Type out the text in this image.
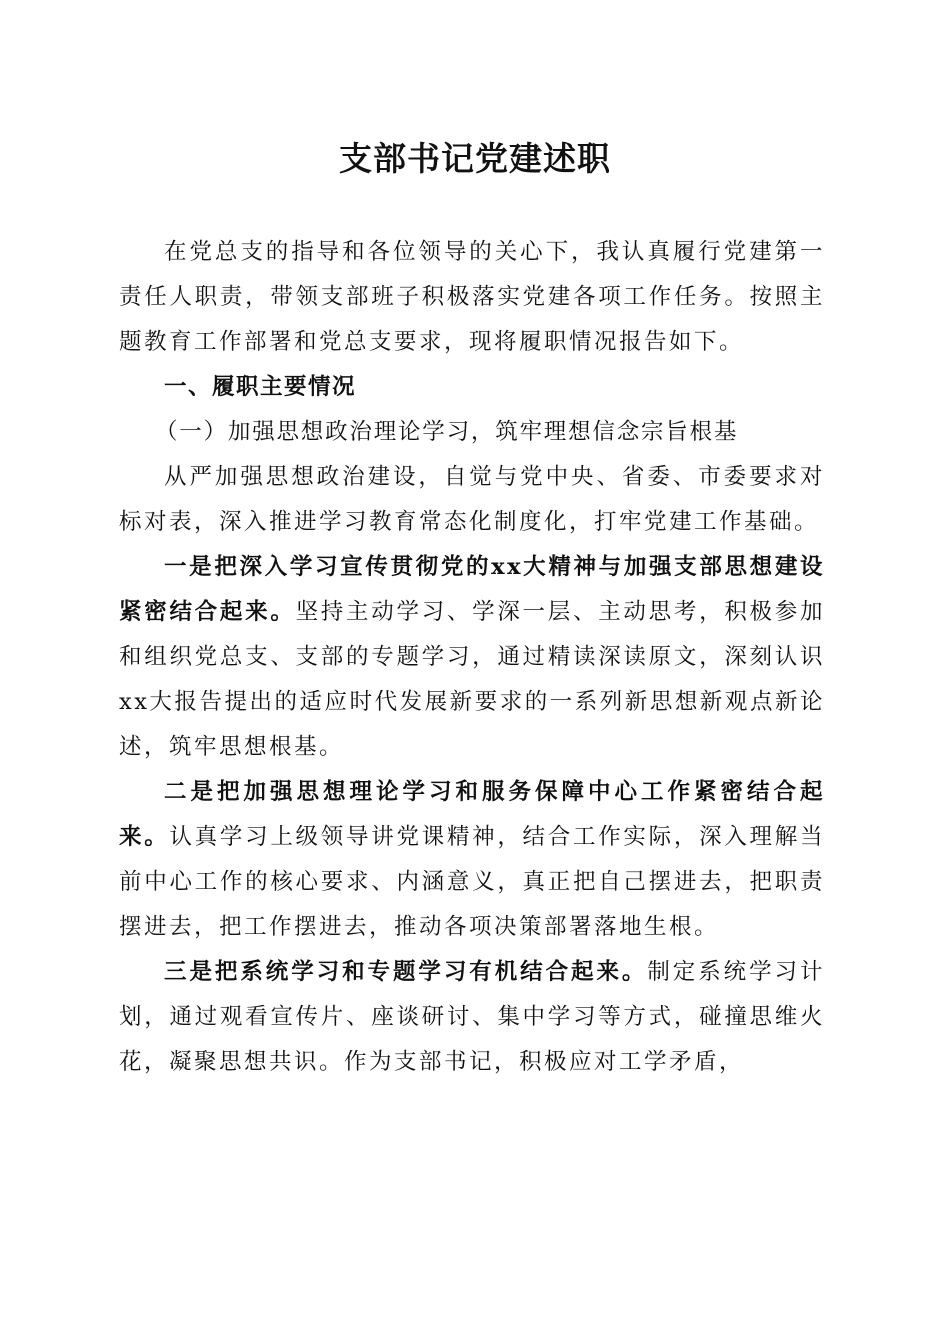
支部书记党建述职

在党总支的指导和各位领导的关心下，我认真履行党建第一责任人职责，带领支部班子积极落实党建各项工作任务。按照主题教育工作部署和党总支要求，现将履职情况报告如下。

一、履职主要情况

（一）加强思想政治理论学习，筑牢理想信念宗旨根基

从严加强思想政治建设，自觉与党中央、省委、市委要求对标对表，深入推进学习教育常态化制度化，打牢党建工作基础。

一是把深入学习宣传贯彻党的xx大精神与加强支部思想建设紧密结合起来。坚持主动学习、学深一层、主动思考，积极参加和组织党总支、支部的专题学习，通过精读深读原文，深刻认识xx大报告提出的适应时代发展新要求的一系列新思想新观点新论述，筑牢思想根基。

二是把加强思想理论学习和服务保障中心工作紧密结合起来。认真学习上级领导讲党课精神，结合工作实际，深入理解当前中心工作的核心要求、内涵意义，真正把自己摆进去，把职责摆进去，把工作摆进去，推动各项决策部署落地生根。

三是把系统学习和专题学习有机结合起来。制定系统学习计划，通过观看宣传片、座谈研讨、集中学习等方式，碰撞思维火花，凝聚思想共识。作为支部书记，积极应对工学矛盾，
